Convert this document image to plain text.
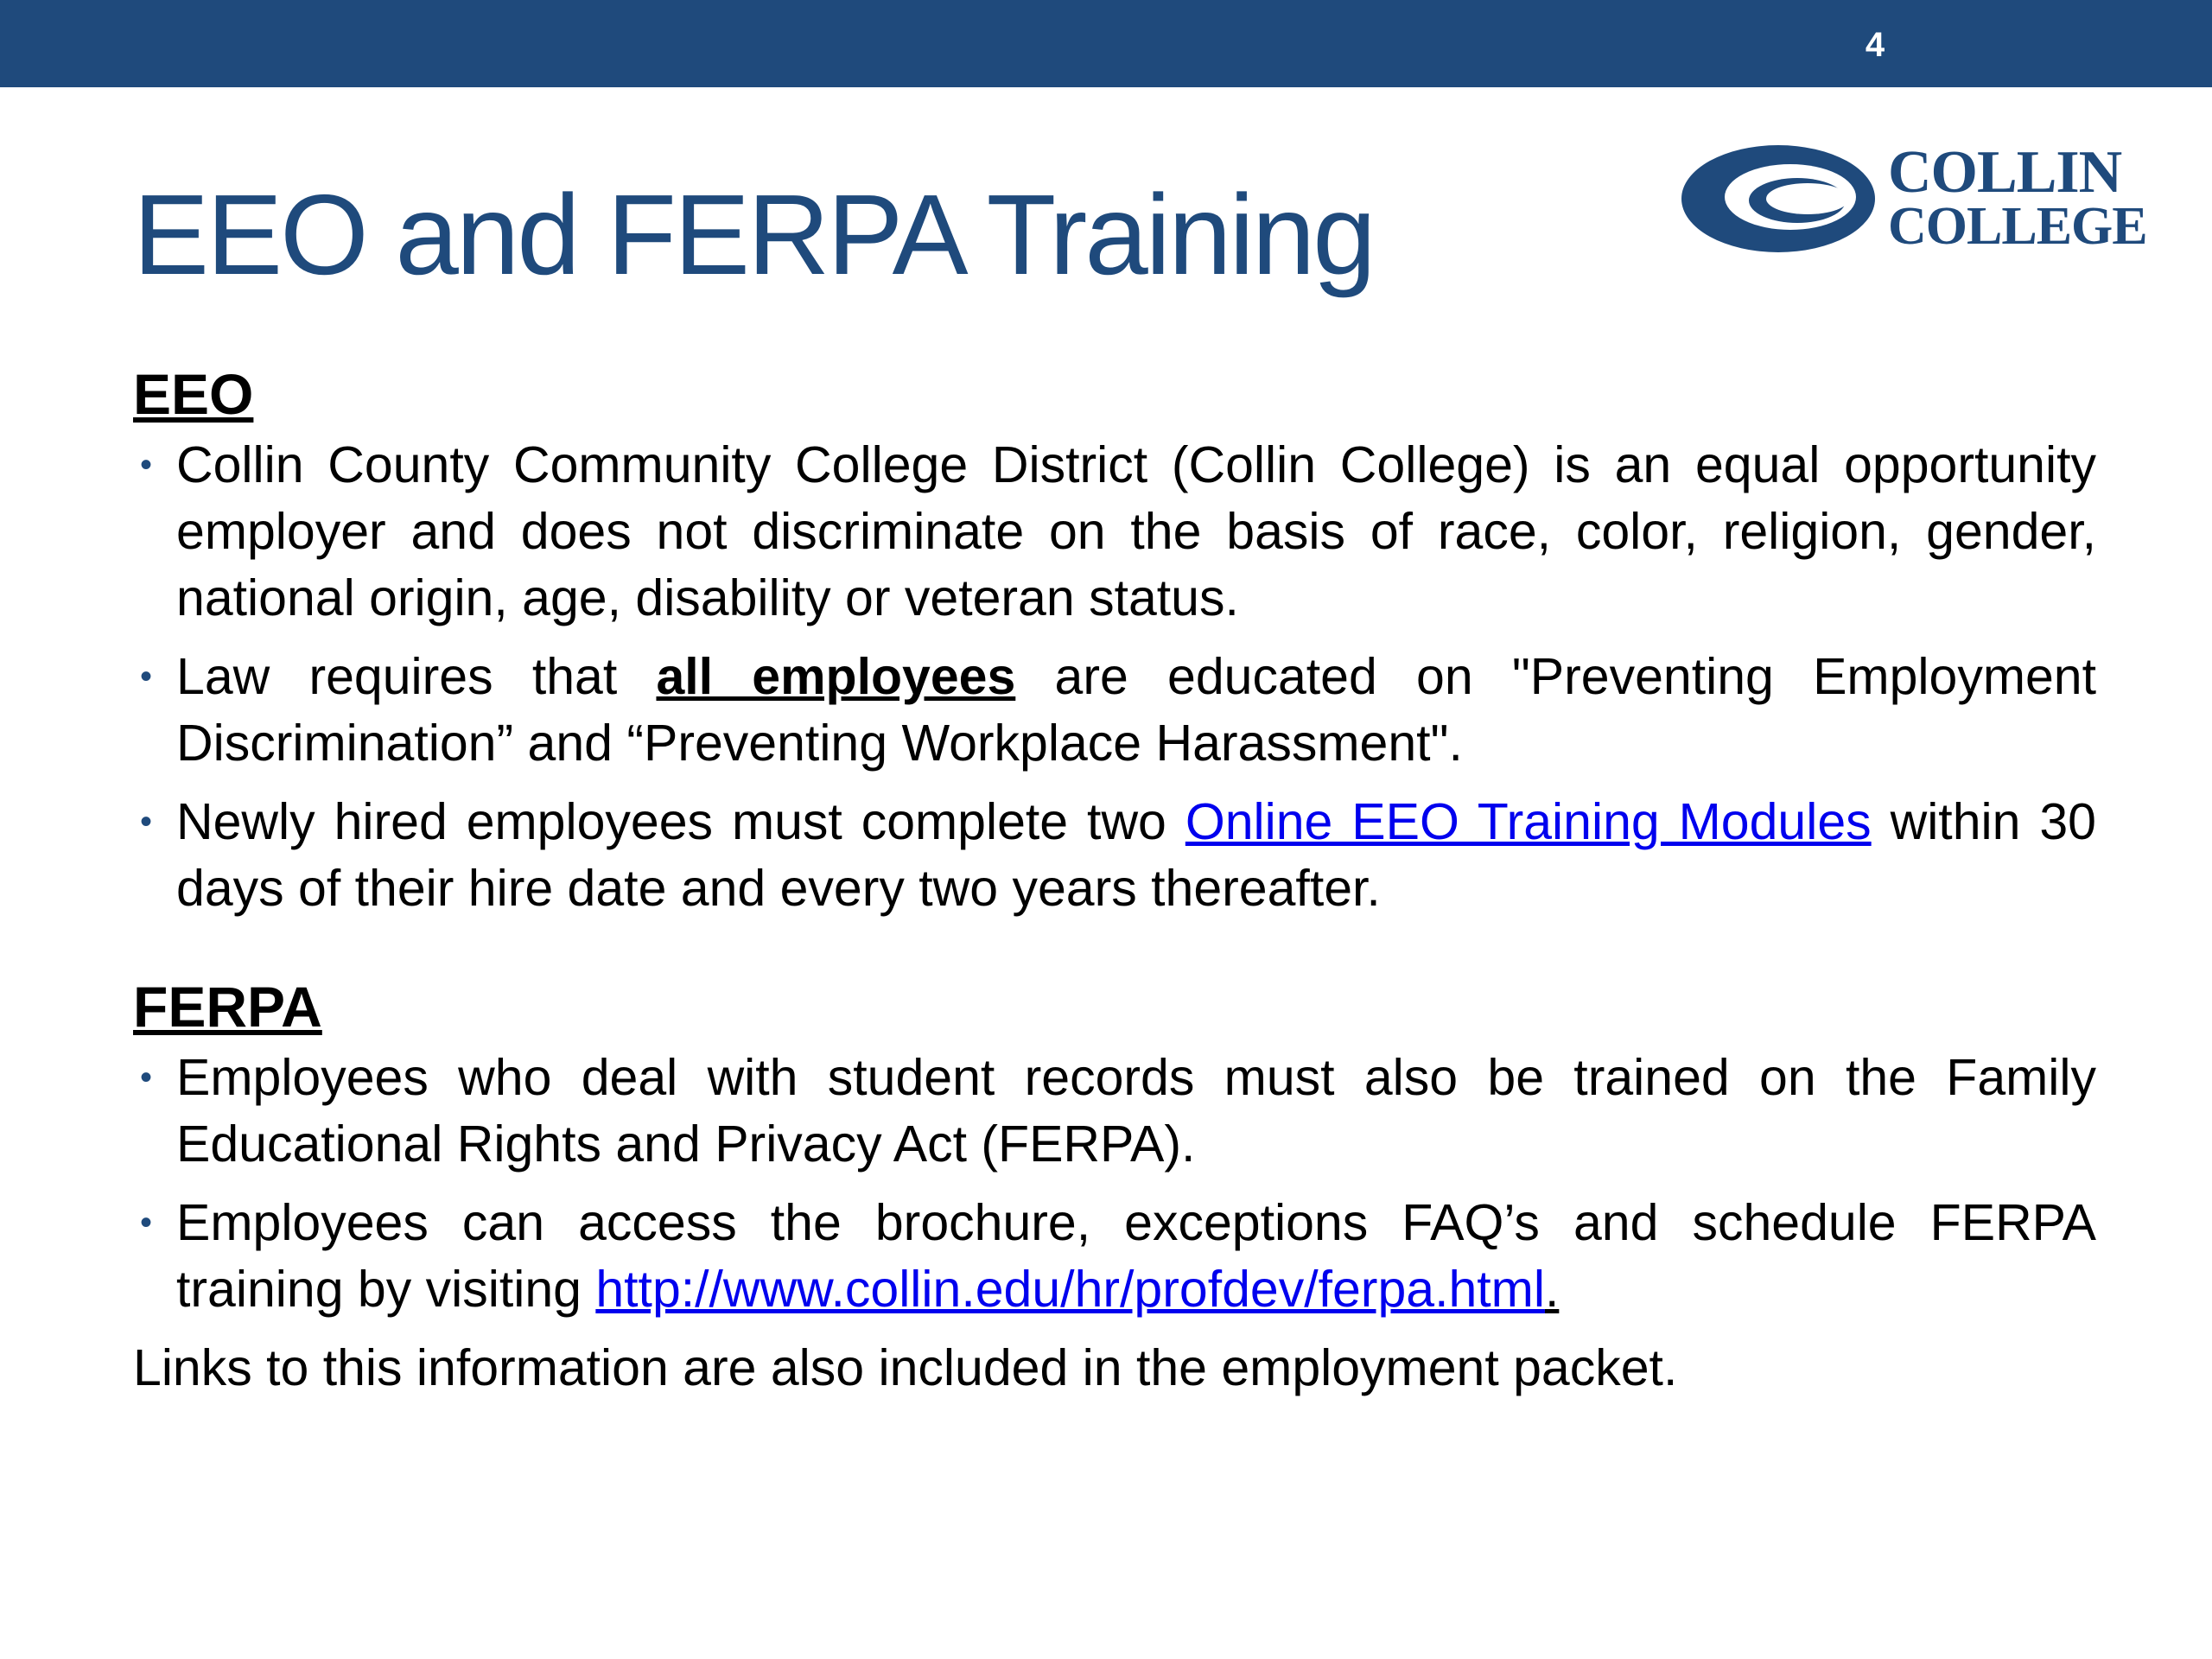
4
EEO and FERPA Training	COLLIN
COLLEGE
EEO
• Collin County Community College District (Collin College) is an equal opportunity employer and does not discriminate on the basis of race, color, religion, gender, national origin, age, disability or veteran status.
• Law requires that all employees are educated on "Preventing Employment Discrimination” and “Preventing Workplace Harassment".
• Newly hired employees must complete two Online EEO Training Modules within 30 days of their hire date and every two years thereafter.
FERPA
• Employees who deal with student records must also be trained on the Family Educational Rights and Privacy Act (FERPA).
• Employees can access the brochure, exceptions FAQ’s and schedule FERPA training by visiting http://www.collin.edu/hr/profdev/ferpa.html.
Links to this information are also included in the employment packet.
